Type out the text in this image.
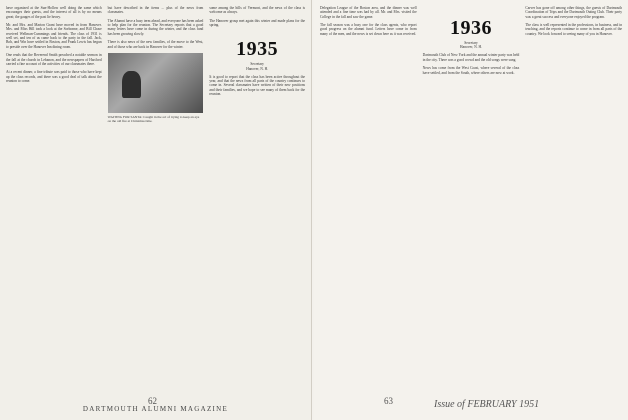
have organized at the Sun-Hollow well doing the same which encourages their guests, and the interest of all is by no means great; the gauges of the past lie heavy.

Mr. and Mrs. and Marion Grant have moved in from Hanover. Mrs. and Miss Hill took a look at the Sorbonne, and Bill Chase received Wellman-Cummings and friends. The class of 1931 is well set, and ten of us came back to the party in the fall. Jack, Bob, and Win have settled in Boston, and Frank Lewis has begun to preside over the Hanover Inn dining room.

One reads that the Reverend Smith preached a notable sermon in the fall at the church in Lebanon, and the newspapers of Hartford carried a fine account of the activities of our classmates there.

At a recent dinner, a fine tribute was paid to those who have kept up the class records, and there was a good deal of talk about the reunion to come.
but have described in the items ... plus of the news from classmates.

The Alumni have a busy term ahead, and everyone has been asked to help plan for the reunion. The Secretary reports that a good many letters have come in during the winter, and the class fund has been growing slowly.

There is also news of the new families, of the move to the West, and of those who are back in Hanover for the winter.
WAITING FOR SANTA: Caught in the act of trying to keep an eye on the old fire at Christmas time.
some among the hills of Vermont, and the news of the class is welcome as always.

The Hanover group met again this winter and made plans for the spring.
1935
Secretary
Hanover, N. H.
It is good to report that the class has been active throughout the year, and that the news from all parts of the country continues to come in. Several classmates have written of their new positions and their families, and we hope to see many of them back for the reunion.
62
DARTMOUTH ALUMNI MAGAZINE
Delegation League of the Boston area, and the dinner was well attended and a fine time was had by all. Mr. and Mrs. visited the College in the fall and saw the game.

The fall season was a busy one for the class agents, who report good progress on the alumni fund. Letters have come in from many of the men, and the news is set down here as it was received.	1936
Secretary
Hanover, N. H.
Dartmouth Club of New York and the annual winter party was held in the city. There was a good crowd and the old songs were sung.

News has come from the West Coast, where several of the class have settled, and from the South, where others are now at work.
Carver has gone off among other things, the guests of Dartmouth Coordination of Trips and the Dartmouth Outing Club. Their party was a great success and everyone enjoyed the program.

The class is well represented in the professions, in business, and in teaching, and the reports continue to come in from all parts of the country. We look forward to seeing many of you in Hanover.
63	Issue of FEBRUARY 1951
